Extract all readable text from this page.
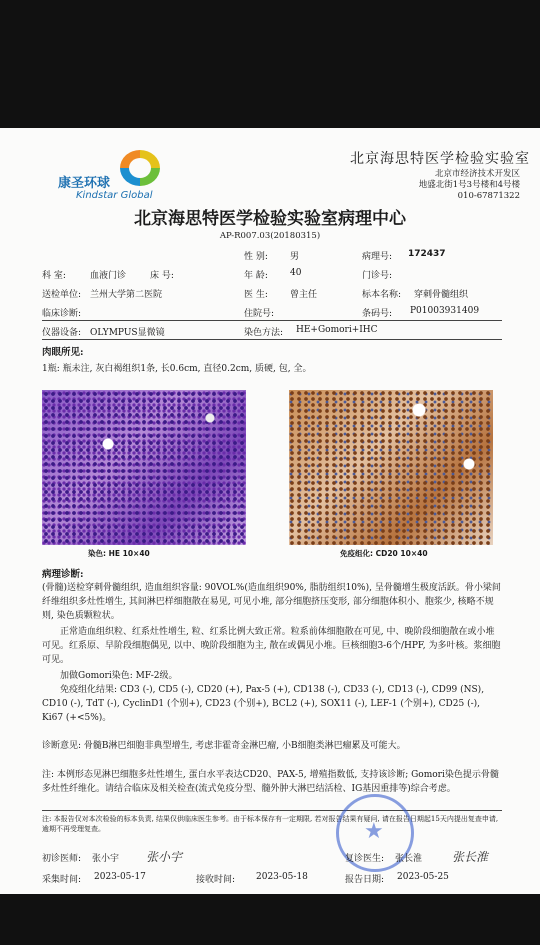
康圣环球
Kindstar Global
北京海思特医学检验实验室
北京市经济技术开发区
地盛北街1号3号楼和4号楼
010-67871322
北京海思特医学检验实验室病理中心
AP-R007.03(20180315)
性 别: 男	病理号: 172437
科 室:	血液门诊	床 号:	年 龄: 40	门诊号:
送检单位: 兰州大学第二医院	医 生: 曾主任	标本名称: 穿刺骨髓组织
临床诊断:	住院号:	条码号: P01003931409
仪器设备: OLYMPUS显微镜	染色方法: HE+Gomori+IHC
肉眼所见:
1瓶: 瓶未注, 灰白褐组织1条, 长0.6cm, 直径0.2cm, 质硬, 包, 全。
染色: HE 10×40	免疫组化: CD20 10×40
病理诊断:
(骨髓)送检穿刺骨髓组织, 造血组织容量: 90VOL%(造血组织90%, 脂肪组织10%), 呈骨髓增生极度活跃。骨小梁间纤维组织多灶性增生, 其间淋巴样细胞散在易见, 可见小堆, 部分细胞挤压变形, 部分细胞体积小、胞浆少, 核略不规则, 染色质颗粒状。
正常造血组织粒、红系灶性增生, 粒、红系比例大致正常。粒系前体细胞散在可见, 中、晚阶段细胞散在或小堆可见。红系原、早阶段细胞偶见, 以中、晚阶段细胞为主, 散在或偶见小堆。巨核细胞3-6个/HPF, 为多叶核。浆细胞可见。
加做Gomori染色: MF-2级。
免疫组化结果: CD3 (-), CD5 (-), CD20 (+), Pax-5 (+), CD138 (-), CD33 (-), CD13 (-), CD99 (NS), CD10 (-), TdT (-), CyclinD1 (个别+), CD23 (个别+), BCL2 (+), SOX11 (-), LEF-1 (个别+), CD25 (-), Ki67 (+<5%)。
诊断意见: 骨髓B淋巴细胞非典型增生, 考虑非霍奇金淋巴瘤, 小B细胞类淋巴瘤累及可能大。
注: 本例形态见淋巴细胞多灶性增生, 蛋白水平表达CD20、PAX-5, 增殖指数低, 支持该诊断; Gomori染色提示骨髓多灶性纤维化。请结合临床及相关检查(流式免疫分型、髓外肿大淋巴结活检、IG基因重排等)综合考虑。
注: 本报告仅对本次检验的标本负责, 结果仅供临床医生参考。由于标本保存有一定期限, 若对报告结果有疑问, 请在报告日期起15天内提出复查申请, 逾期不再受理复查。	★
初诊医师: 张小宇 张小宇	复诊医生: 张长淮 张长淮
采集时间: 2023-05-17	接收时间: 2023-05-18	报告日期: 2023-05-25
